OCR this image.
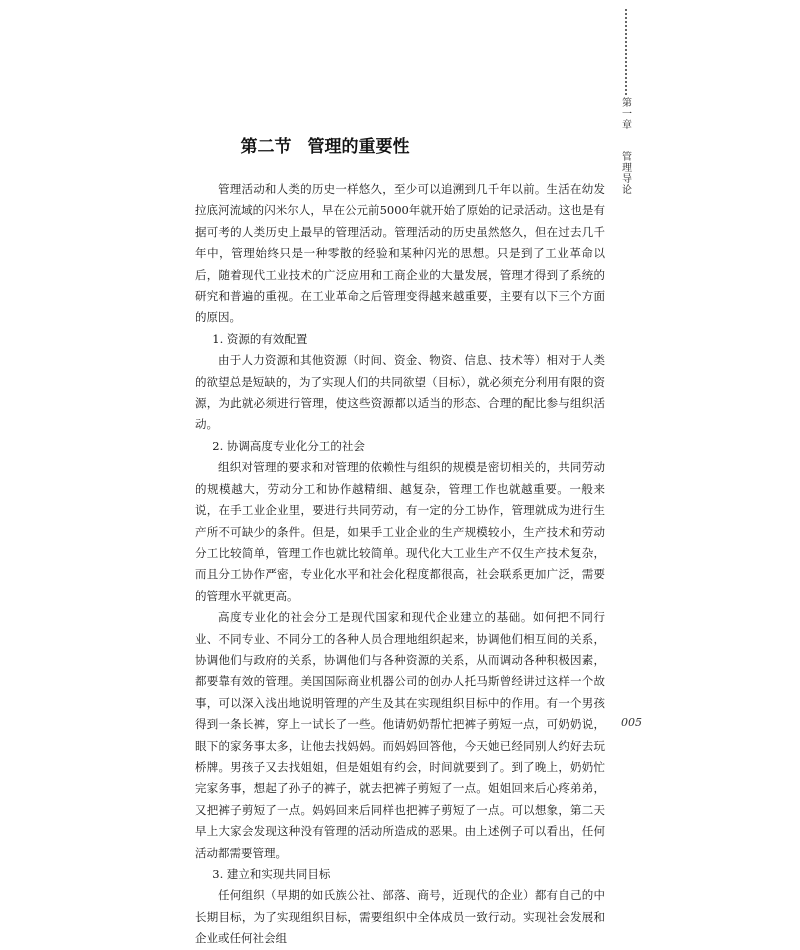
第一章
管理导论
005
第二节 管理的重要性

管理活动和人类的历史一样悠久，至少可以追溯到几千年以前。生活在幼发拉底河流域的闪米尔人，早在公元前5000年就开始了原始的记录活动。这也是有据可考的人类历史上最早的管理活动。管理活动的历史虽然悠久，但在过去几千年中，管理始终只是一种零散的经验和某种闪光的思想。只是到了工业革命以后，随着现代工业技术的广泛应用和工商企业的大量发展，管理才得到了系统的研究和普遍的重视。在工业革命之后管理变得越来越重要，主要有以下三个方面的原因。

1. 资源的有效配置

由于人力资源和其他资源（时间、资金、物资、信息、技术等）相对于人类的欲望总是短缺的，为了实现人们的共同欲望（目标），就必须充分利用有限的资源，为此就必须进行管理，使这些资源都以适当的形态、合理的配比参与组织活动。

2. 协调高度专业化分工的社会

组织对管理的要求和对管理的依赖性与组织的规模是密切相关的，共同劳动的规模越大，劳动分工和协作越精细、越复杂，管理工作也就越重要。一般来说，在手工业企业里，要进行共同劳动，有一定的分工协作，管理就成为进行生产所不可缺少的条件。但是，如果手工业企业的生产规模较小，生产技术和劳动分工比较简单，管理工作也就比较简单。现代化大工业生产不仅生产技术复杂，而且分工协作严密，专业化水平和社会化程度都很高，社会联系更加广泛，需要的管理水平就更高。

高度专业化的社会分工是现代国家和现代企业建立的基础。如何把不同行业、不同专业、不同分工的各种人员合理地组织起来，协调他们相互间的关系，协调他们与政府的关系，协调他们与各种资源的关系，从而调动各种积极因素，都要靠有效的管理。美国国际商业机器公司的创办人托马斯曾经讲过这样一个故事，可以深入浅出地说明管理的产生及其在实现组织目标中的作用。有一个男孩得到一条长裤，穿上一试长了一些。他请奶奶帮忙把裤子剪短一点，可奶奶说，眼下的家务事太多，让他去找妈妈。而妈妈回答他，今天她已经同别人约好去玩桥牌。男孩子又去找姐姐，但是姐姐有约会，时间就要到了。到了晚上，奶奶忙完家务事，想起了孙子的裤子，就去把裤子剪短了一点。姐姐回来后心疼弟弟，又把裤子剪短了一点。妈妈回来后同样也把裤子剪短了一点。可以想象，第二天早上大家会发现这种没有管理的活动所造成的恶果。由上述例子可以看出，任何活动都需要管理。

3. 建立和实现共同目标

任何组织（早期的如氏族公社、部落、商号，近现代的企业）都有自己的中长期目标，为了实现组织目标，需要组织中全体成员一致行动。实现社会发展和企业或任何社会组
